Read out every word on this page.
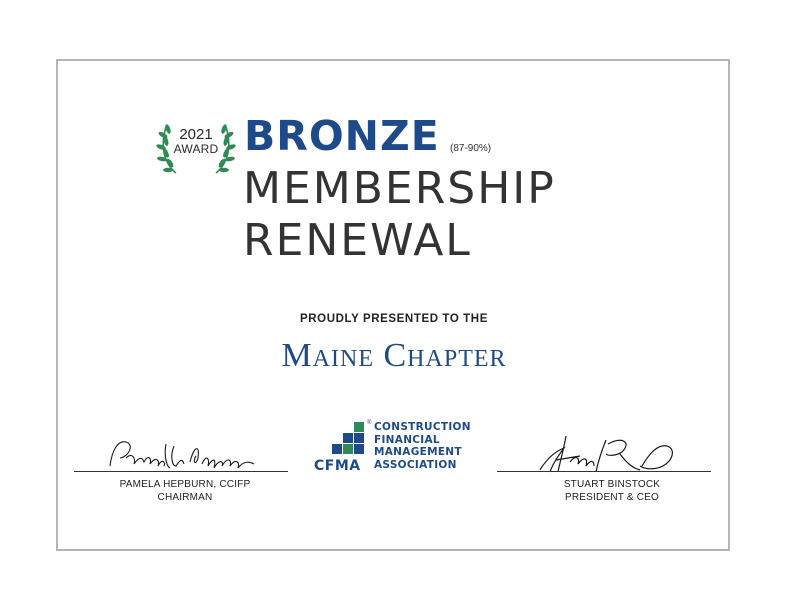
2021
AWARD BRONZE (87-90%)
MEMBERSHIP
RENEWAL
PROUDLY PRESENTED TO THE
Maine Chapter
PAMELA HEPBURN, CCIFP
CHAIRMAN
STUART BINSTOCK
PRESIDENT & CEO
®
CFMA
CONSTRUCTION
FINANCIAL
MANAGEMENT
ASSOCIATION
